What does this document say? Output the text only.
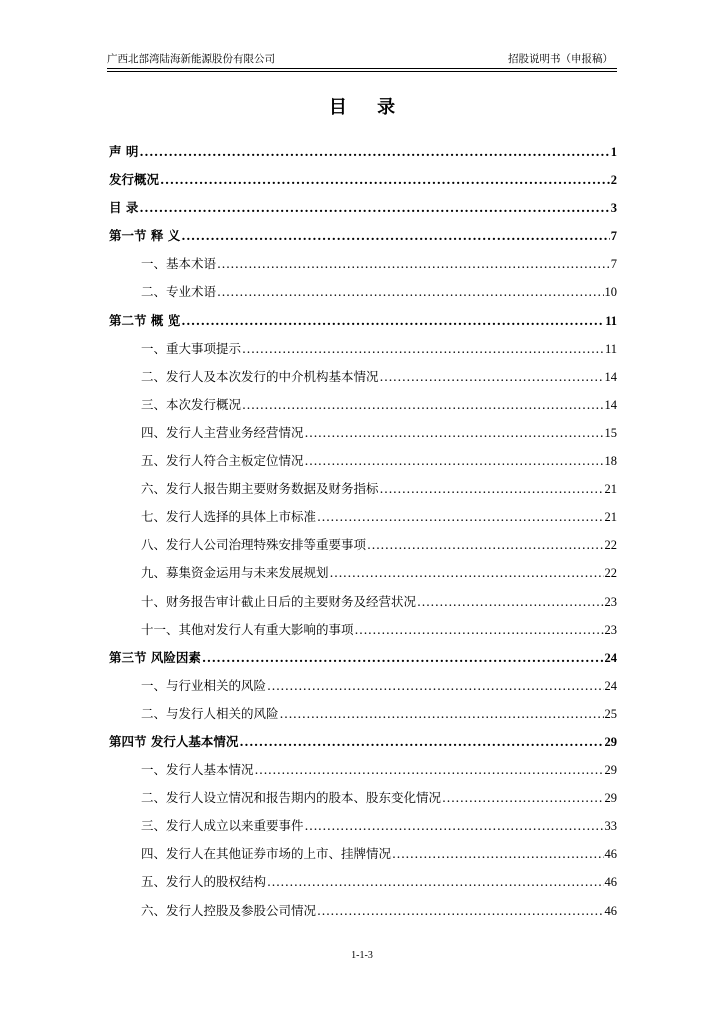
广西北部湾陆海新能源股份有限公司	招股说明书（申报稿）
目 录
声 明 .....	1
发行概况 .....	2
目 录 .....	3
第一节 释 义 .....	7
一、基本术语 .....	7
二、专业术语 .....	10
第二节 概 览 .....	11
一、重大事项提示 .....	11
二、发行人及本次发行的中介机构基本情况 .....	14
三、本次发行概况 .....	14
四、发行人主营业务经营情况 .....	15
五、发行人符合主板定位情况 .....	18
六、发行人报告期主要财务数据及财务指标 .....	21
七、发行人选择的具体上市标准 .....	21
八、发行人公司治理特殊安排等重要事项 .....	22
九、募集资金运用与未来发展规划 .....	22
十、财务报告审计截止日后的主要财务及经营状况 .....	23
十一、其他对发行人有重大影响的事项 .....	23
第三节 风险因素 .....	24
一、与行业相关的风险 .....	24
二、与发行人相关的风险 .....	25
第四节 发行人基本情况 .....	29
一、发行人基本情况 .....	29
二、发行人设立情况和报告期内的股本、股东变化情况 .....	29
三、发行人成立以来重要事件 .....	33
四、发行人在其他证券市场的上市、挂牌情况 .....	46
五、发行人的股权结构 .....	46
六、发行人控股及参股公司情况 .....	46
1-1-3
